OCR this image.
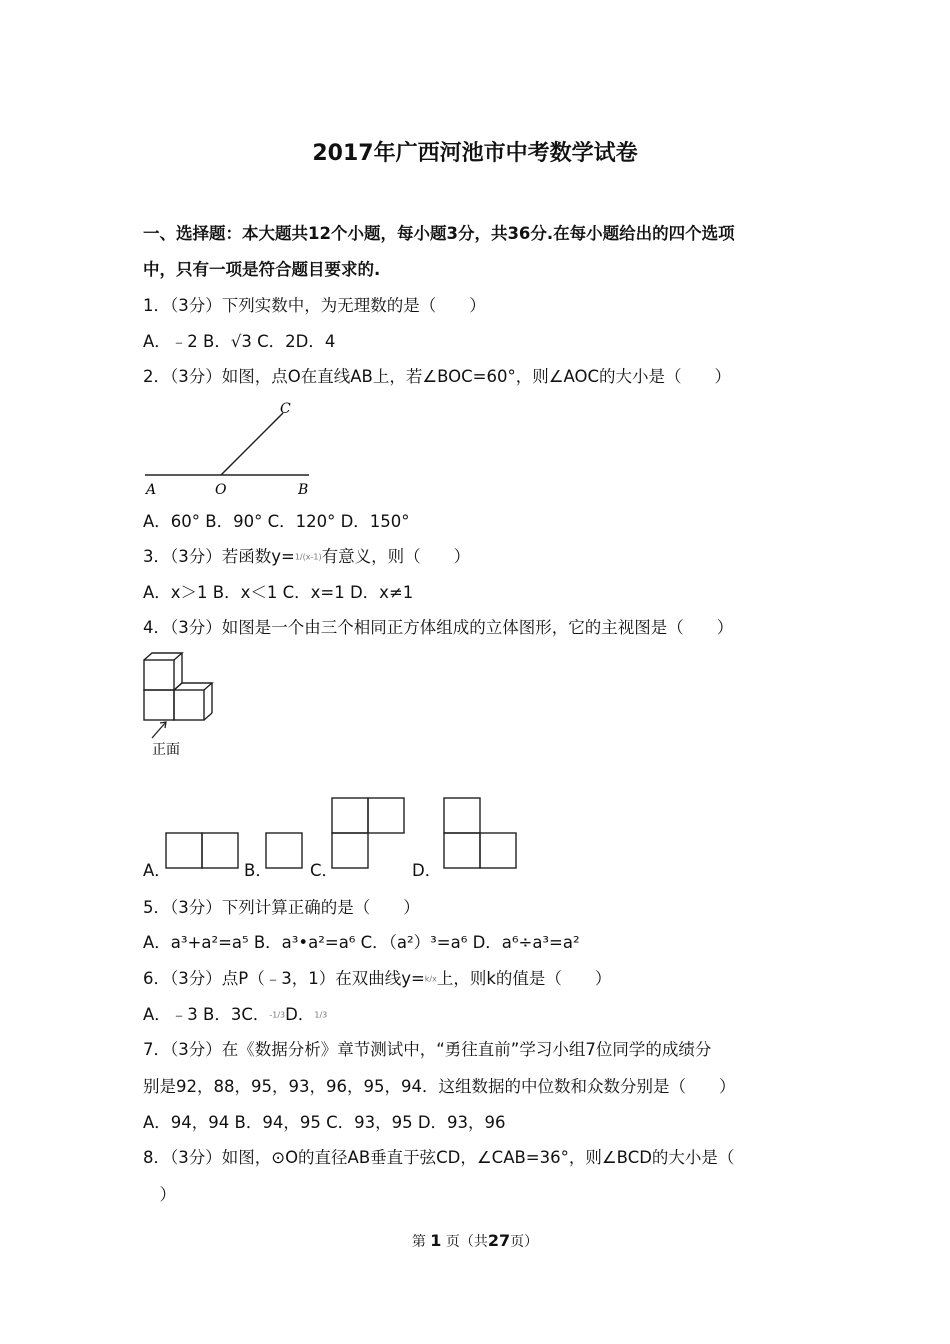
2017年广西河池市中考数学试卷
一、选择题：本大题共12个小题，每小题3分，共36分.在每小题给出的四个选项
中，只有一项是符合题目要求的.
1．（3分）下列实数中，为无理数的是（　　）
A．﹣2 B．√3 C．2D．4
2．（3分）如图，点O在直线AB上，若∠BOC=60°，则∠AOC的大小是（　　）
A	O	B
C
A．60° B．90° C．120° D．150°
3．（3分）若函数y=1/(x-1)有意义，则（　　）
A．x＞1 B．x＜1 C．x=1 D．x≠1
4．（3分）如图是一个由三个相同正方体组成的立体图形，它的主视图是（　　）
正面
A．	B． C．	D．
5．（3分）下列计算正确的是（　　）
A．a³+a²=a⁵ B．a³•a²=a⁶ C．（a²）³=a⁶ D．a⁶÷a³=a²
6．（3分）点P（﹣3，1）在双曲线y=k/x上，则k的值是（　　）
A．﹣3 B．3C．-1/3D．1/3
7．（3分）在《数据分析》章节测试中，“勇往直前”学习小组7位同学的成绩分
别是92，88，95，93，96，95，94．这组数据的中位数和众数分别是（　　）
A．94，94 B．94，95 C．93，95 D．93，96
8．（3分）如图，⊙O的直径AB垂直于弦CD，∠CAB=36°，则∠BCD的大小是（
　）
第 1 页（共27页）
